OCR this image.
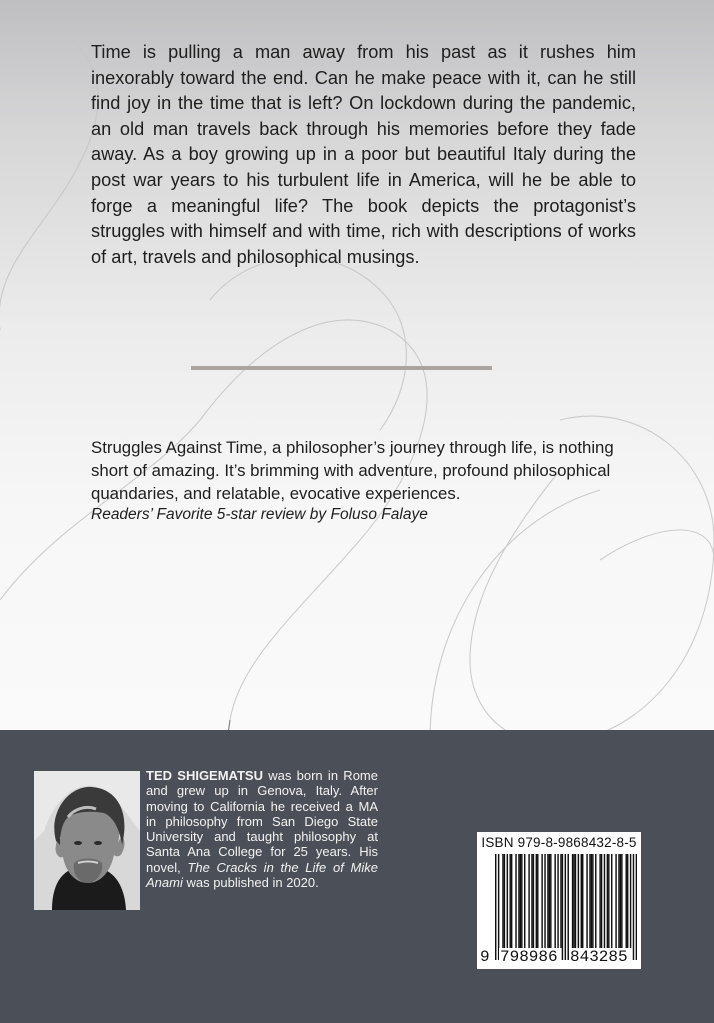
Time is pulling a man away from his past as it rushes him inexorably toward the end. Can he make peace with it, can he still find joy in the time that is left? On lockdown during the pandemic, an old man travels back through his memories before they fade away. As a boy growing up in a poor but beautiful Italy during the post war years to his turbulent life in America, will he be able to forge a meaningful life? The book depicts the protagonist’s struggles with himself and with time, rich with descriptions of works of art, travels and philosophical musings.

Struggles Against Time, a philosopher’s journey through life, is nothing short of amazing. It’s brimming with adventure, profound philosophical quandaries, and relatable, evocative experiences.

Readers’ Favorite 5-star review by Foluso Falaye

TED SHIGEMATSU was born in Rome and grew up in Genova, Italy. After moving to California he received a MA in philosophy from San Diego State University and taught philosophy at Santa Ana College for 25 years. His novel, The Cracks in the Life of Mike Anami was published in 2020.

ISBN 979-8-9868432-8-5
9 798986 843285
